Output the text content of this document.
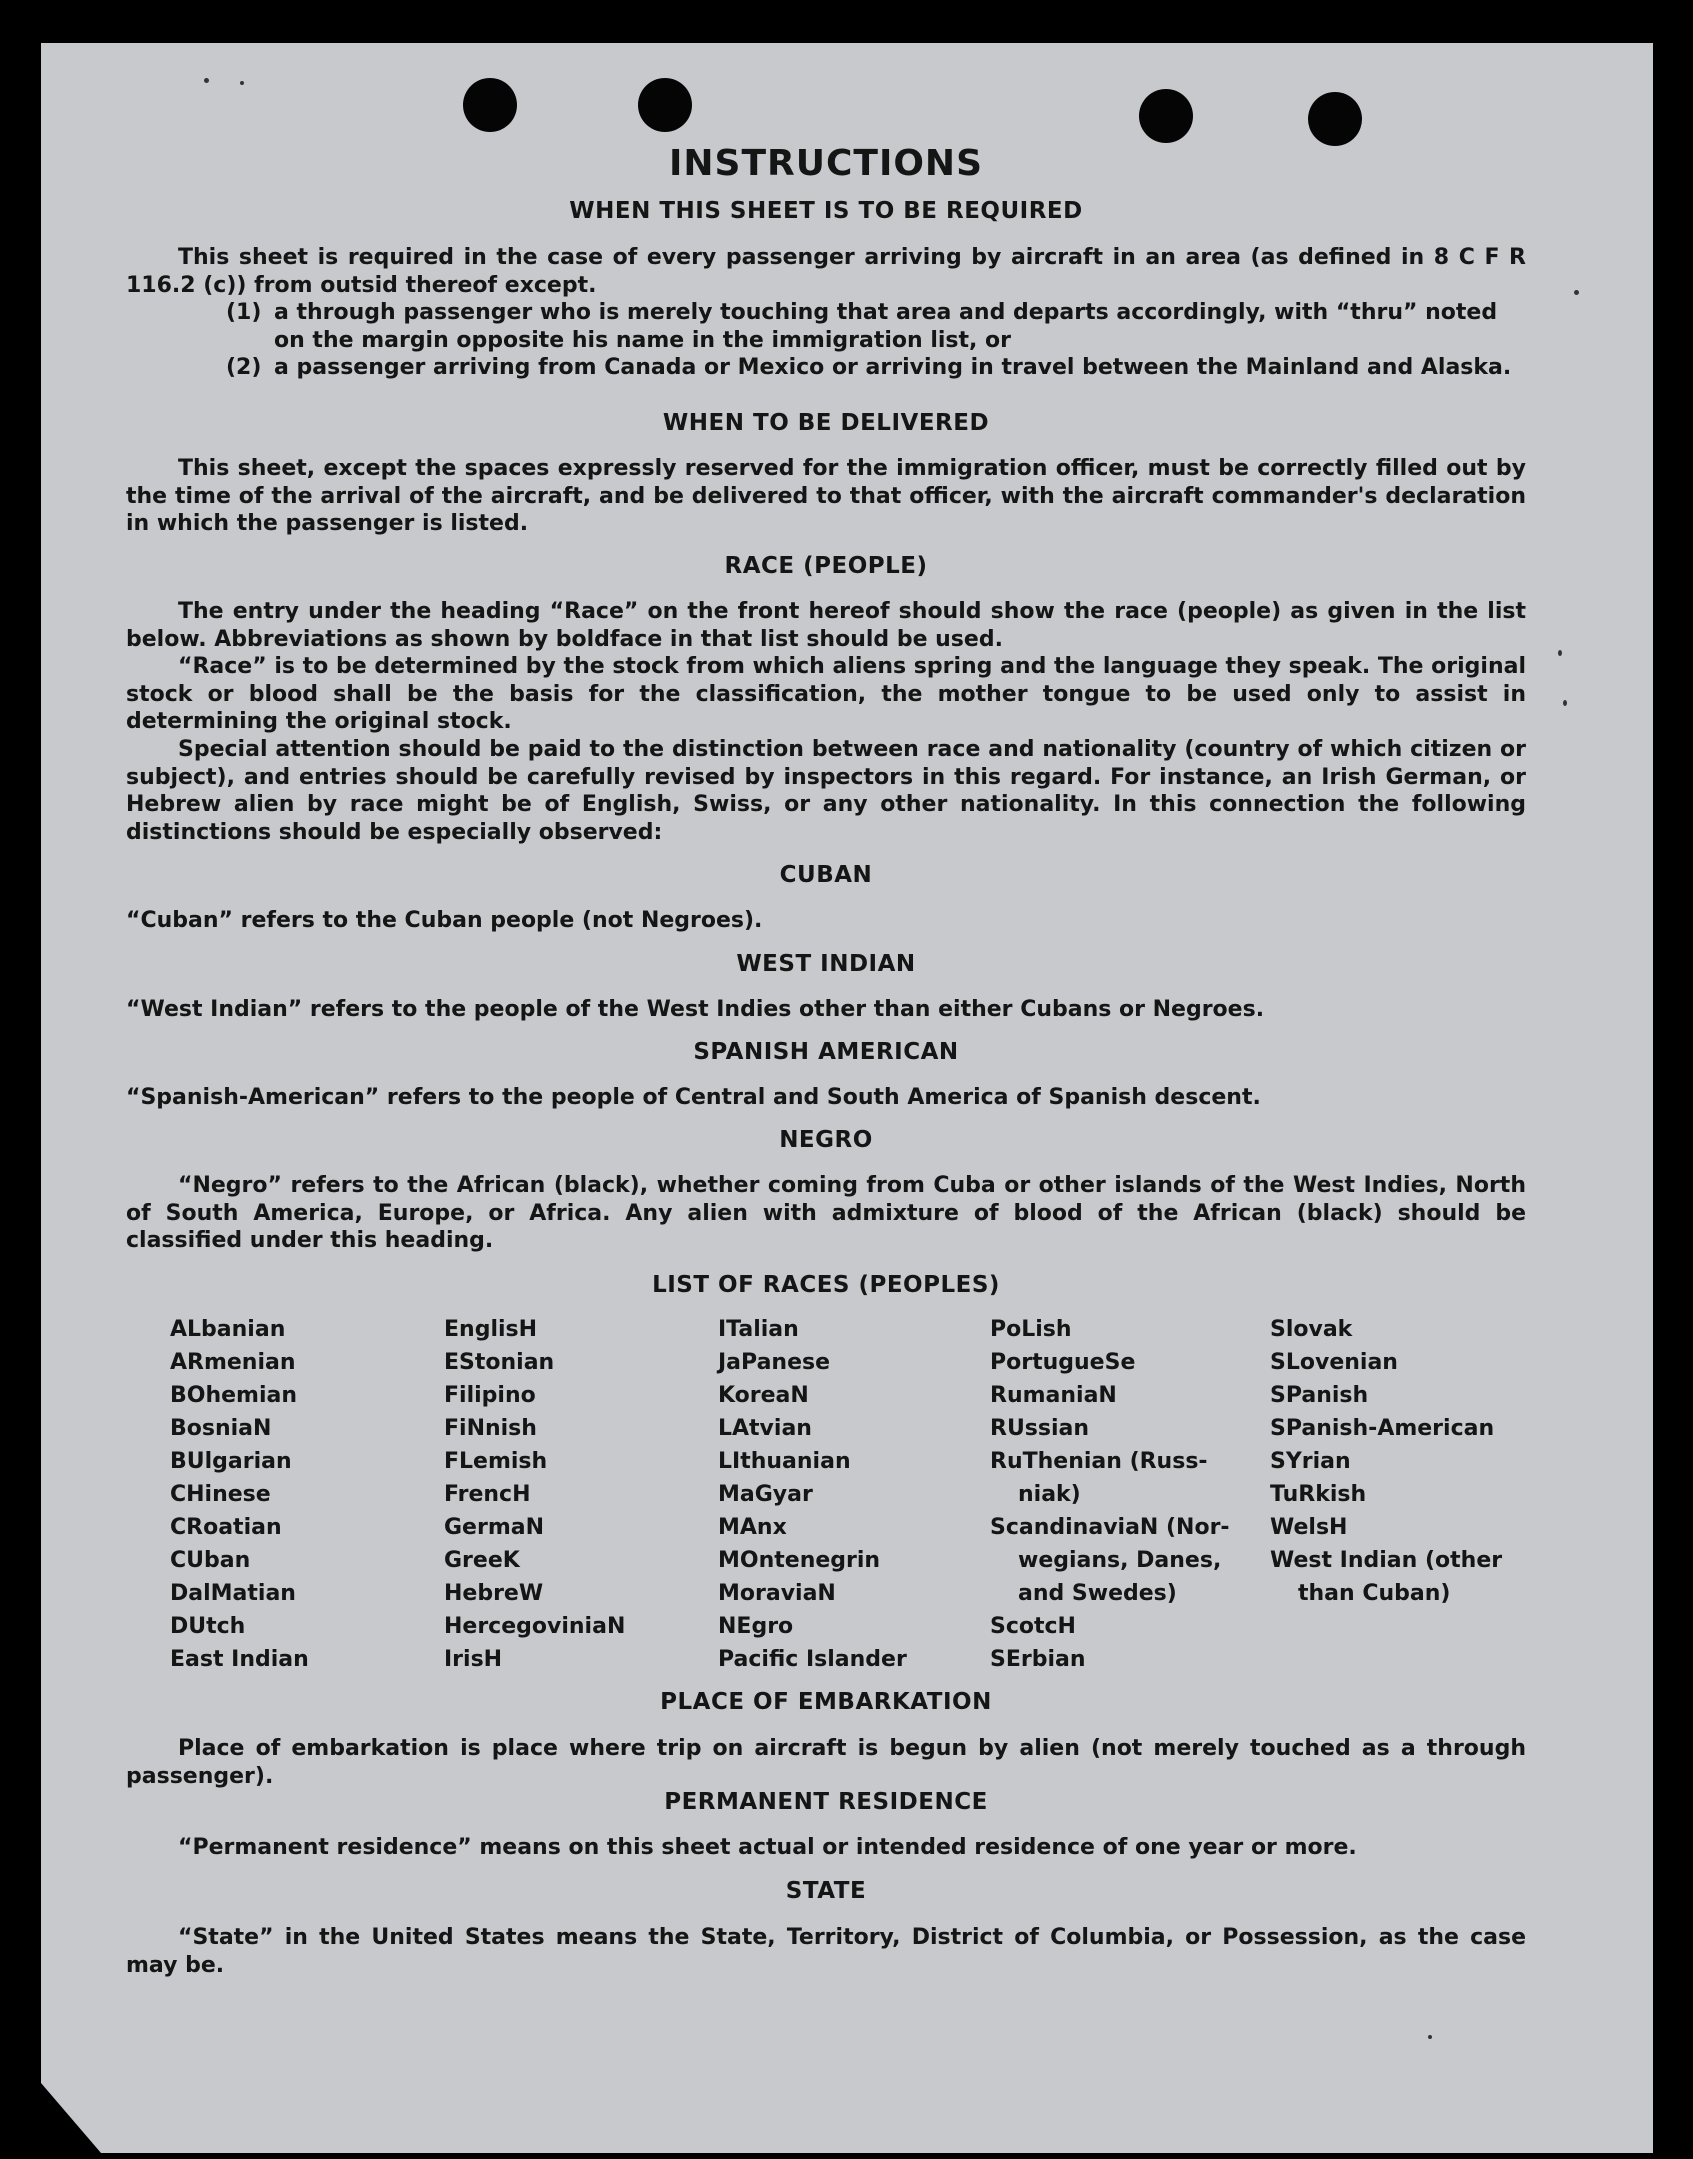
INSTRUCTIONS
WHEN THIS SHEET IS TO BE REQUIRED
This sheet is required in the case of every passenger arriving by aircraft in an area (as defined in 8 C F R 116.2 (c)) from outsid thereof except.
(1) a through passenger who is merely touching that area and departs accordingly, with “thru” noted on the margin opposite his name in the immigration list, or
(2) a passenger arriving from Canada or Mexico or arriving in travel between the Mainland and Alaska.
WHEN TO BE DELIVERED
This sheet, except the spaces expressly reserved for the immigration officer, must be correctly filled out by the time of the arrival of the aircraft, and be delivered to that officer, with the aircraft commander's declaration in which the passenger is listed.
RACE (PEOPLE)
The entry under the heading “Race” on the front hereof should show the race (people) as given in the list below. Abbreviations as shown by boldface in that list should be used.
“Race” is to be determined by the stock from which aliens spring and the language they speak. The original stock or blood shall be the basis for the classification, the mother tongue to be used only to assist in determining the original stock.
Special attention should be paid to the distinction between race and nationality (country of which citizen or subject), and entries should be carefully revised by inspectors in this regard. For instance, an Irish German, or Hebrew alien by race might be of English, Swiss, or any other nationality. In this connection the following distinctions should be especially observed:
CUBAN
“Cuban” refers to the Cuban people (not Negroes).
WEST INDIAN
“West Indian” refers to the people of the West Indies other than either Cubans or Negroes.
SPANISH AMERICAN
“Spanish-American” refers to the people of Central and South America of Spanish descent.
NEGRO
“Negro” refers to the African (black), whether coming from Cuba or other islands of the West Indies, North of South America, Europe, or Africa. Any alien with admixture of blood of the African (black) should be classified under this heading.
LIST OF RACES (PEOPLES)
ALbanian
ARmenian
BOhemian
BosniaN
BUlgarian
CHinese
CRoatian
CUban
DalMatian
DUtch
East Indian
EnglisH
EStonian
Filipino
FiNnish
FLemish
FrencH
GermaN
GreeK
HebreW
HercegoviniaN
IrisH
ITalian
JaPanese
KoreaN
LAtvian
LIthuanian
MaGyar
MAnx
MOntenegrin
MoraviaN
NEgro
Pacific Islander
PoLish
PortugueSe
RumaniaN
RUssian
RuThenian (Russ-
niak)
ScandinaviaN (Nor-
wegians, Danes,
and Swedes)
ScotcH
SErbian
Slovak
SLovenian
SPanish
SPanish-American
SYrian
TuRkish
WelsH
West Indian (other
than Cuban)
PLACE OF EMBARKATION
Place of embarkation is place where trip on aircraft is begun by alien (not merely touched as a through passenger).
PERMANENT RESIDENCE
“Permanent residence” means on this sheet actual or intended residence of one year or more.
STATE
“State” in the United States means the State, Territory, District of Columbia, or Possession, as the case may be.
